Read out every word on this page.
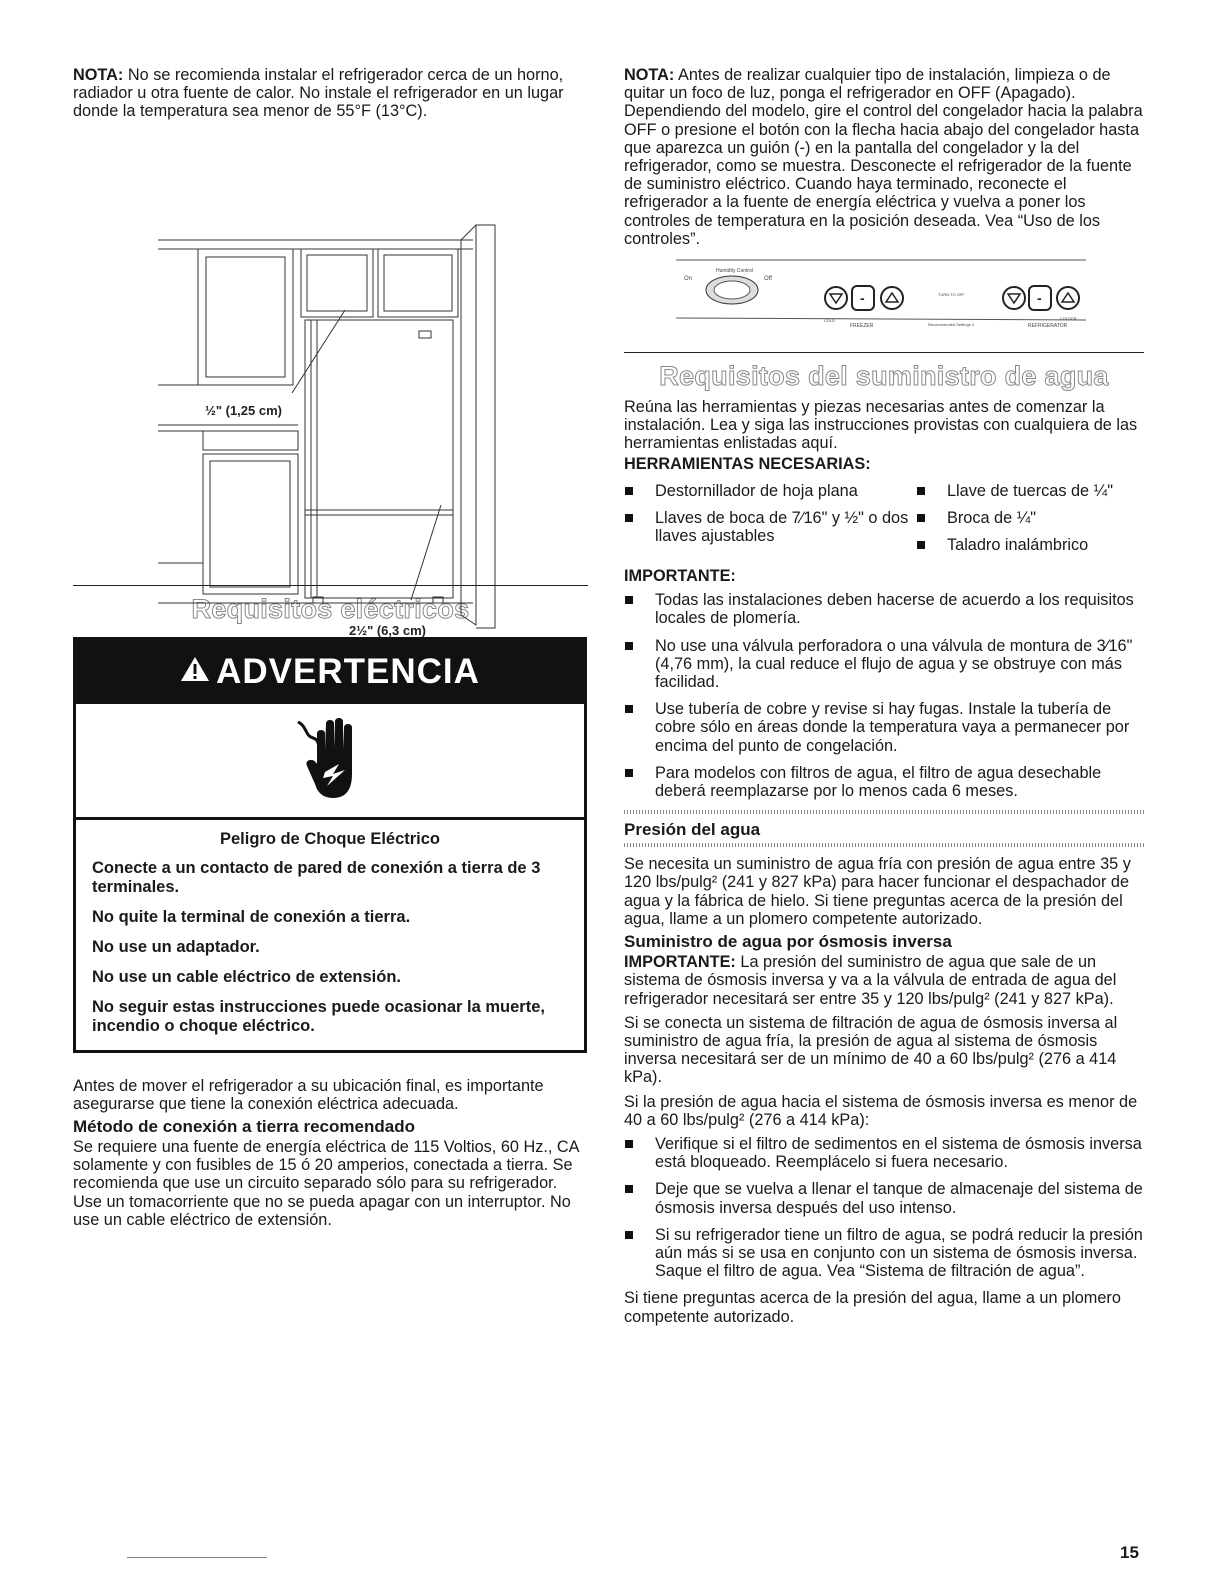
NOTA: No se recomienda instalar el refrigerador cerca de un horno, radiador u otra fuente de calor. No instale el refrigerador en un lugar donde la temperatura sea menor de 55°F (13°C).

½" (1,25 cm)
2½" (6,3 cm)
Requisitos eléctricos
ADVERTENCIA
Peligro de Choque Eléctrico
Conecte a un contacto de pared de conexión a tierra de 3 terminales.
No quite la terminal de conexión a tierra.
No use un adaptador.
No use un cable eléctrico de extensión.
No seguir estas instrucciones puede ocasionar la muerte, incendio o choque eléctrico.

Antes de mover el refrigerador a su ubicación final, es importante asegurarse que tiene la conexión eléctrica adecuada.

Método de conexión a tierra recomendado

Se requiere una fuente de energía eléctrica de 115 Voltios, 60 Hz., CA solamente y con fusibles de 15 ó 20 amperios, conectada a tierra. Se recomienda que use un circuito separado sólo para su refrigerador. Use un tomacorriente que no se pueda apagar con un interruptor. No use un cable eléctrico de extensión.

NOTA: Antes de realizar cualquier tipo de instalación, limpieza o de quitar un foco de luz, ponga el refrigerador en OFF (Apagado). Dependiendo del modelo, gire el control del congelador hacia la palabra OFF o presione el botón con la flecha hacia abajo del congelador hasta que aparezca un guión (-) en la pantalla del congelador y la del refrigerador, como se muestra. Desconecte el refrigerador de la fuente de suministro eléctrico. Cuando haya terminado, reconecte el refrigerador a la fuente de energía eléctrica y vuelva a poner los controles de temperatura en la posición deseada. Vea “Uso de los controles”.

Humidity Control
On	Off
-	-
FREEZER	REFRIGERATOR
COLD	COLDER
TURN TO OFF
Recommended Settings 4
Requisitos del suministro de agua

Reúna las herramientas y piezas necesarias antes de comenzar la instalación. Lea y siga las instrucciones provistas con cualquiera de las herramientas enlistadas aquí.

HERRAMIENTAS NECESARIAS:
Destornillador de hoja plana
Llaves de boca de 7⁄16" y ½" o dos llaves ajustables
Llave de tuercas de ¼"
Broca de ¼"
Taladro inalámbrico
IMPORTANTE:
Todas las instalaciones deben hacerse de acuerdo a los requisitos locales de plomería.
No use una válvula perforadora o una válvula de montura de 3⁄16" (4,76 mm), la cual reduce el flujo de agua y se obstruye con más facilidad.
Use tubería de cobre y revise si hay fugas. Instale la tubería de cobre sólo en áreas donde la temperatura vaya a permanecer por encima del punto de congelación.
Para modelos con filtros de agua, el filtro de agua desechable deberá reemplazarse por lo menos cada 6 meses.
Presión del agua

Se necesita un suministro de agua fría con presión de agua entre 35 y 120 lbs/pulg² (241 y 827 kPa) para hacer funcionar el despachador de agua y la fábrica de hielo. Si tiene preguntas acerca de la presión del agua, llame a un plomero competente autorizado.

Suministro de agua por ósmosis inversa

IMPORTANTE: La presión del suministro de agua que sale de un sistema de ósmosis inversa y va a la válvula de entrada de agua del refrigerador necesitará ser entre 35 y 120 lbs/pulg² (241 y 827 kPa).

Si se conecta un sistema de filtración de agua de ósmosis inversa al suministro de agua fría, la presión de agua al sistema de ósmosis inversa necesitará ser de un mínimo de 40 a 60 lbs/pulg² (276 a 414 kPa).

Si la presión de agua hacia el sistema de ósmosis inversa es menor de 40 a 60 lbs/pulg² (276 a 414 kPa):

Verifique si el filtro de sedimentos en el sistema de ósmosis inversa está bloqueado. Reemplácelo si fuera necesario.
Deje que se vuelva a llenar el tanque de almacenaje del sistema de ósmosis inversa después del uso intenso.
Si su refrigerador tiene un filtro de agua, se podrá reducir la presión aún más si se usa en conjunto con un sistema de ósmosis inversa. Saque el filtro de agua. Vea “Sistema de filtración de agua”.

Si tiene preguntas acerca de la presión del agua, llame a un plomero competente autorizado.

15
